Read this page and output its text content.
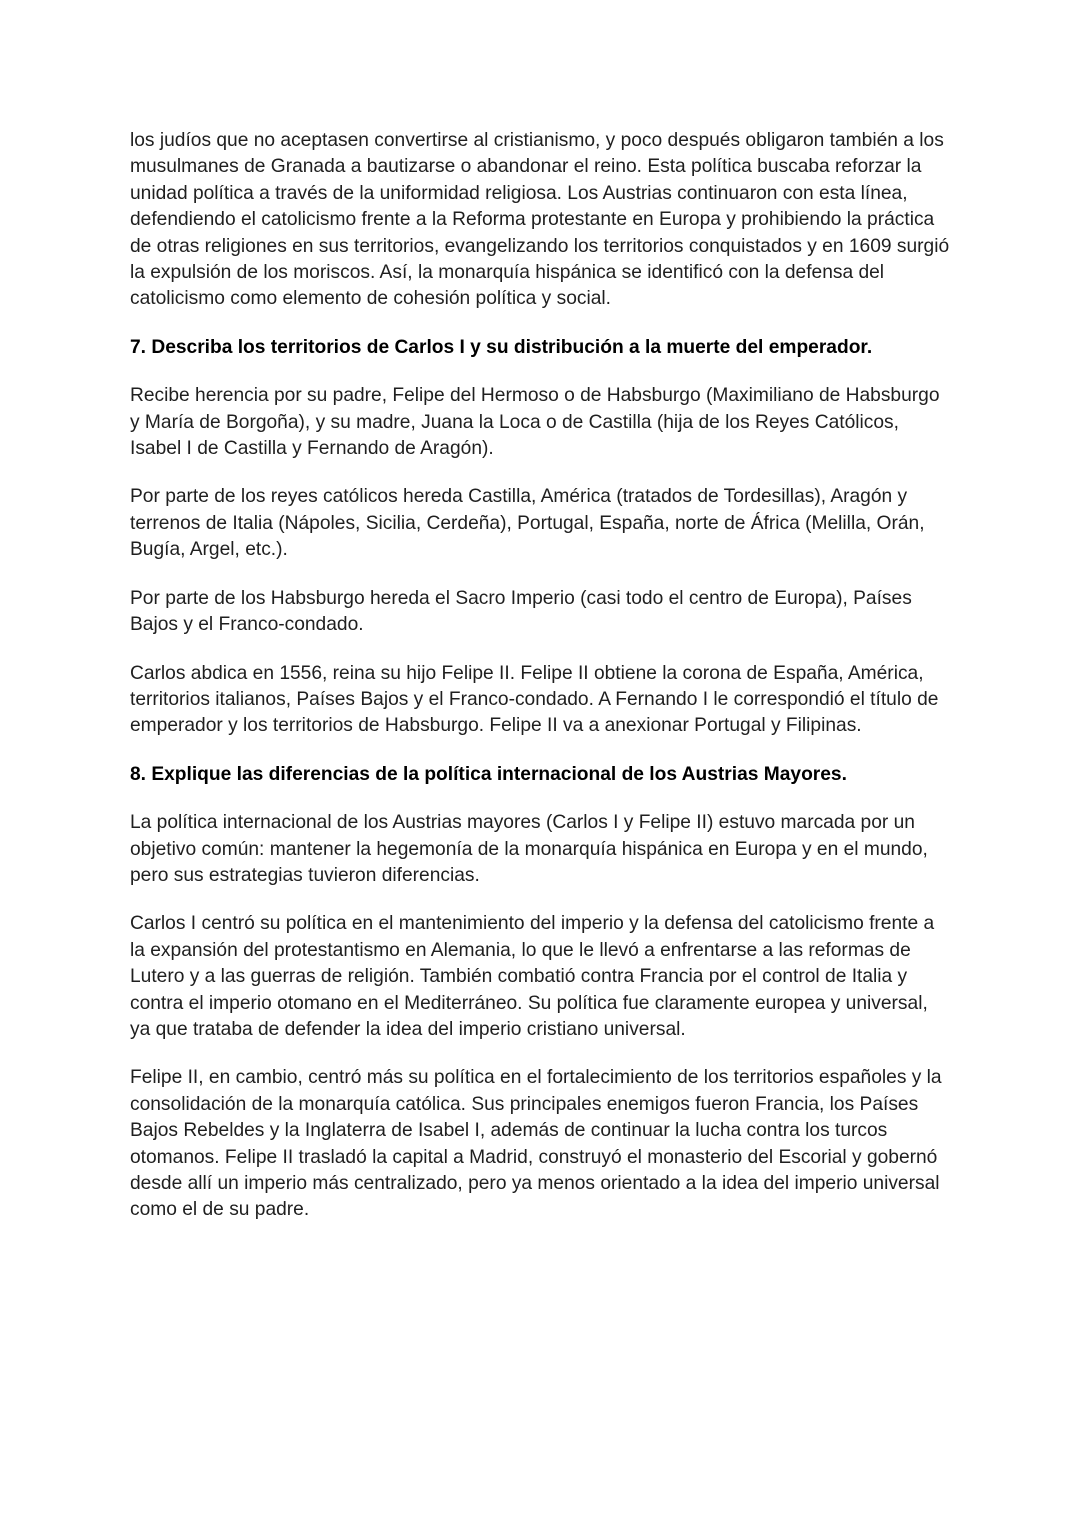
los judíos que no aceptasen convertirse al cristianismo, y poco después obligaron también a los musulmanes de Granada a bautizarse o abandonar el reino. Esta política buscaba reforzar la unidad política a través de la uniformidad religiosa. Los Austrias continuaron con esta línea, defendiendo el catolicismo frente a la Reforma protestante en Europa y prohibiendo la práctica de otras religiones en sus territorios, evangelizando los territorios conquistados y en 1609 surgió la expulsión de los moriscos. Así, la monarquía hispánica se identificó con la defensa del catolicismo como elemento de cohesión política y social.

7. Describa los territorios de Carlos I y su distribución a la muerte del emperador.

Recibe herencia por su padre, Felipe del Hermoso o de Habsburgo (Maximiliano de Habsburgo y María de Borgoña), y su madre, Juana la Loca o de Castilla (hija de los Reyes Católicos, Isabel I de Castilla y Fernando de Aragón).

Por parte de los reyes católicos hereda Castilla, América (tratados de Tordesillas), Aragón y terrenos de Italia (Nápoles, Sicilia, Cerdeña), Portugal, España, norte de África (Melilla, Orán, Bugía, Argel, etc.).

Por parte de los Habsburgo hereda el Sacro Imperio (casi todo el centro de Europa), Países Bajos y el Franco-condado.

Carlos abdica en 1556, reina su hijo Felipe II. Felipe II obtiene la corona de España, América, territorios italianos, Países Bajos y el Franco-condado. A Fernando I le correspondió el título de emperador y los territorios de Habsburgo. Felipe II va a anexionar Portugal y Filipinas.

8. Explique las diferencias de la política internacional de los Austrias Mayores.

La política internacional de los Austrias mayores (Carlos I y Felipe II) estuvo marcada por un objetivo común: mantener la hegemonía de la monarquía hispánica en Europa y en el mundo, pero sus estrategias tuvieron diferencias.

Carlos I centró su política en el mantenimiento del imperio y la defensa del catolicismo frente a la expansión del protestantismo en Alemania, lo que le llevó a enfrentarse a las reformas de Lutero y a las guerras de religión. También combatió contra Francia por el control de Italia y contra el imperio otomano en el Mediterráneo. Su política fue claramente europea y universal, ya que trataba de defender la idea del imperio cristiano universal.

Felipe II, en cambio, centró más su política en el fortalecimiento de los territorios españoles y la consolidación de la monarquía católica. Sus principales enemigos fueron Francia, los Países Bajos Rebeldes y la Inglaterra de Isabel I, además de continuar la lucha contra los turcos otomanos. Felipe II trasladó la capital a Madrid, construyó el monasterio del Escorial y gobernó desde allí un imperio más centralizado, pero ya menos orientado a la idea del imperio universal como el de su padre.
